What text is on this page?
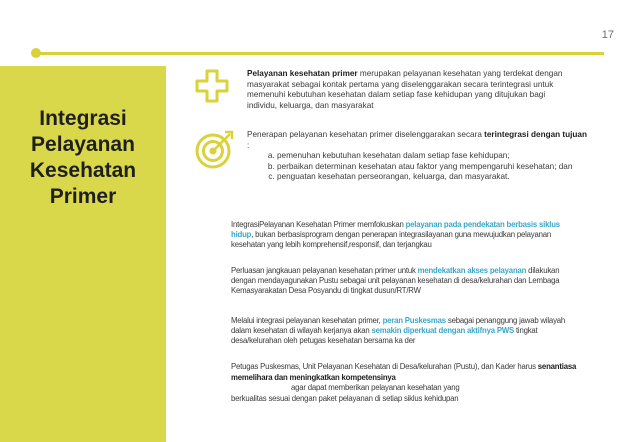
17
Integrasi
Pelayanan
Kesehatan
Primer
Pelayanan kesehatan primer merupakan pelayanan kesehatan yang terdekat dengan masyarakat sebagai kontak pertama yang diselenggarakan secara terintegrasi untuk memenuhi kebutuhan kesehatan dalam setiap fase kehidupan yang ditujukan bagi individu, keluarga, dan masyarakat
Penerapan pelayanan kesehatan primer diselenggarakan secara terintegrasi dengan tujuan :
a. pemenuhan kebutuhan kesehatan dalam setiap fase kehidupan;
b. perbaikan determinan kesehatan atau faktor yang mempengaruhi kesehatan; dan
c. penguatan kesehatan perseorangan, keluarga, dan masyarakat.
IntegrasiPelayanan Kesehatan Primer memfokuskan pelayanan pada pendekatan berbasis siklus hidup, bukan berbasisprogram dengan penerapan integrasilayanan guna mewujudkan pelayanan kesehatan yang lebih komprehensif,responsif, dan terjangkau
Perluasan jangkauan pelayanan kesehatan primer untuk mendekatkan akses pelayanan dilakukan dengan mendayagunakan Pustu sebagai unit pelayanan kesehatan di desa/kelurahan dan Lembaga Kemasyarakatan Desa Posyandu di tingkat dusun/RT/RW
Melalui integrasi pelayanan kesehatan primer, peran Puskesmas sebagai penanggung jawab wilayah dalam kesehatan di wilayah kerjanya akan semakin diperkuat dengan aktifnya PWS tingkat desa/kelurahan oleh petugas kesehatan bersama ka der
Petugas Puskesmas, Unit Pelayanan Kesehatan di Desa/kelurahan (Pustu), dan Kader harus senantiasa memelihara dan meningkatkan kompetensinya
agar dapat memberikan pelayanan kesehatan yang
berkualitas sesuai dengan paket pelayanan di setiap siklus kehidupan
